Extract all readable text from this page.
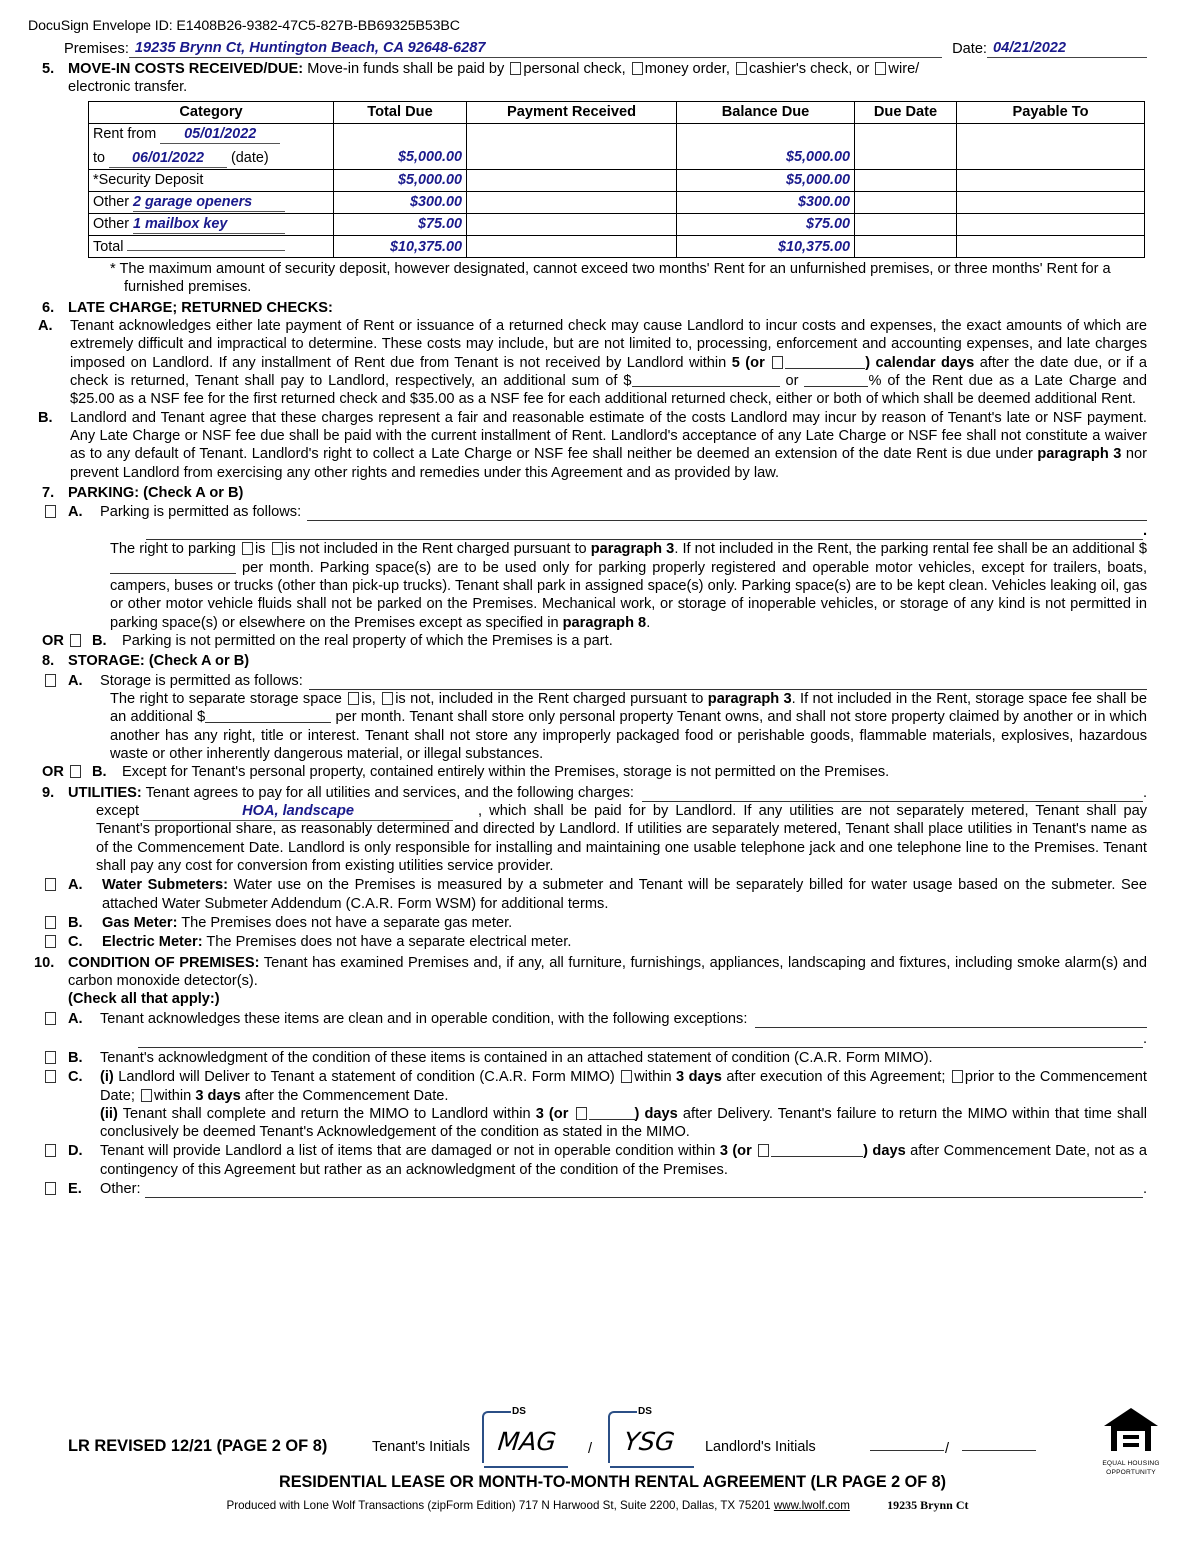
DocuSign Envelope ID: E1408B26-9382-47C5-827B-BB69325B53BC
Premises: 19235 Brynn Ct, Huntington Beach, CA 92648-6287	Date: 04/21/2022
5. MOVE-IN COSTS RECEIVED/DUE: Move-in funds shall be paid by personal check, money order, cashier's check, or wire/
electronic transfer.
Category	Total Due	Payment Received	Balance Due	Due Date	Payable To
Rent from 05/01/2022
to 06/01/2022 (date)	$5,000.00		$5,000.00		
*Security Deposit	$5,000.00		$5,000.00		
Other 2 garage openers	$300.00		$300.00		
Other 1 mailbox key	$75.00		$75.00		
Total	$10,375.00		$10,375.00		
* The maximum amount of security deposit, however designated, cannot exceed two months' Rent for an unfurnished premises, or three months' Rent for a furnished premises.
6. LATE CHARGE; RETURNED CHECKS:
A.	Tenant acknowledges either late payment of Rent or issuance of a returned check may cause Landlord to incur costs and expenses, the exact amounts of which are extremely difficult and impractical to determine. These costs may include, but are not limited to, processing, enforcement and accounting expenses, and late charges imposed on Landlord. If any installment of Rent due from Tenant is not received by Landlord within 5 (or	) calendar days after the date due, or if a check is returned, Tenant shall pay to Landlord, respectively, an additional sum of $	or	% of the Rent due as a Late Charge and $25.00 as a NSF fee for the first returned check and $35.00 as a NSF fee for each additional returned check, either or both of which shall be deemed additional Rent.
B.	Landlord and Tenant agree that these charges represent a fair and reasonable estimate of the costs Landlord may incur by reason of Tenant's late or NSF payment. Any Late Charge or NSF fee due shall be paid with the current installment of Rent. Landlord's acceptance of any Late Charge or NSF fee shall not constitute a waiver as to any default of Tenant. Landlord's right to collect a Late Charge or NSF fee shall neither be deemed an extension of the date Rent is due under paragraph 3 nor prevent Landlord from exercising any other rights and remedies under this Agreement and as provided by law.
7. PARKING: (Check A or B)
A.	Parking is permitted as follows:
.
The right to parking is is not included in the Rent charged pursuant to paragraph 3. If not included in the Rent, the parking rental fee shall be an additional $ per month. Parking space(s) are to be used only for parking properly registered and operable motor vehicles, except for trailers, boats, campers, buses or trucks (other than pick-up trucks). Tenant shall park in assigned space(s) only. Parking space(s) are to be kept clean. Vehicles leaking oil, gas or other motor vehicle fluids shall not be parked on the Premises. Mechanical work, or storage of inoperable vehicles, or storage of any kind is not permitted in parking space(s) or elsewhere on the Premises except as specified in paragraph 8.
OR B.	Parking is not permitted on the real property of which the Premises is a part.
8. STORAGE: (Check A or B)
A.	Storage is permitted as follows:
The right to separate storage space is, is not, included in the Rent charged pursuant to paragraph 3. If not included in the Rent, storage space fee shall be an additional $	per month. Tenant shall store only personal property Tenant owns, and shall not store property claimed by another or in which another has any right, title or interest. Tenant shall not store any improperly packaged food or perishable goods, flammable materials, explosives, hazardous waste or other inherently dangerous material, or illegal substances.
OR B.	Except for Tenant's personal property, contained entirely within the Premises, storage is not permitted on the Premises.
9. UTILITIES: Tenant agrees to pay for all utilities and services, and the following charges:	.
except	HOA, landscape	, which shall be paid for by Landlord. If any utilities are not separately metered, Tenant shall pay Tenant's proportional share, as reasonably determined and directed by Landlord. If utilities are separately metered, Tenant shall place utilities in Tenant's name as of the Commencement Date. Landlord is only responsible for installing and maintaining one usable telephone jack and one telephone line to the Premises. Tenant shall pay any cost for conversion from existing utilities service provider.
A.	Water Submeters: Water use on the Premises is measured by a submeter and Tenant will be separately billed for water usage based on the submeter. See attached Water Submeter Addendum (C.A.R. Form WSM) for additional terms.
B.	Gas Meter: The Premises does not have a separate gas meter.
C.	Electric Meter: The Premises does not have a separate electrical meter.
10. CONDITION OF PREMISES: Tenant has examined Premises and, if any, all furniture, furnishings, appliances, landscaping and fixtures, including smoke alarm(s) and carbon monoxide detector(s).
(Check all that apply:)
A.	Tenant acknowledges these items are clean and in operable condition, with the following exceptions:
.
B.	Tenant's acknowledgment of the condition of these items is contained in an attached statement of condition (C.A.R. Form MIMO).
C.	(i) Landlord will Deliver to Tenant a statement of condition (C.A.R. Form MIMO) within 3 days after execution of this Agreement; prior to the Commencement Date; within 3 days after the Commencement Date.
(ii) Tenant shall complete and return the MIMO to Landlord within 3 (or	) days after Delivery. Tenant's failure to return the MIMO within that time shall conclusively be deemed Tenant's Acknowledgement of the condition as stated in the MIMO.
D.	Tenant will provide Landlord a list of items that are damaged or not in operable condition within 3 (or	) days after Commencement Date, not as a contingency of this Agreement but rather as an acknowledgment of the condition of the Premises.
E.	Other:	.
LR REVISED 12/21 (PAGE 2 OF 8)	Tenant's Initials
DS
MAG /
DS
YSG Landlord's Initials	/
RESIDENTIAL LEASE OR MONTH-TO-MONTH RENTAL AGREEMENT (LR PAGE 2 OF 8)
Produced with Lone Wolf Transactions (zipForm Edition) 717 N Harwood St, Suite 2200, Dallas, TX 75201 www.lwolf.com	19235 Brynn Ct
EQUAL HOUSING
OPPORTUNITY
